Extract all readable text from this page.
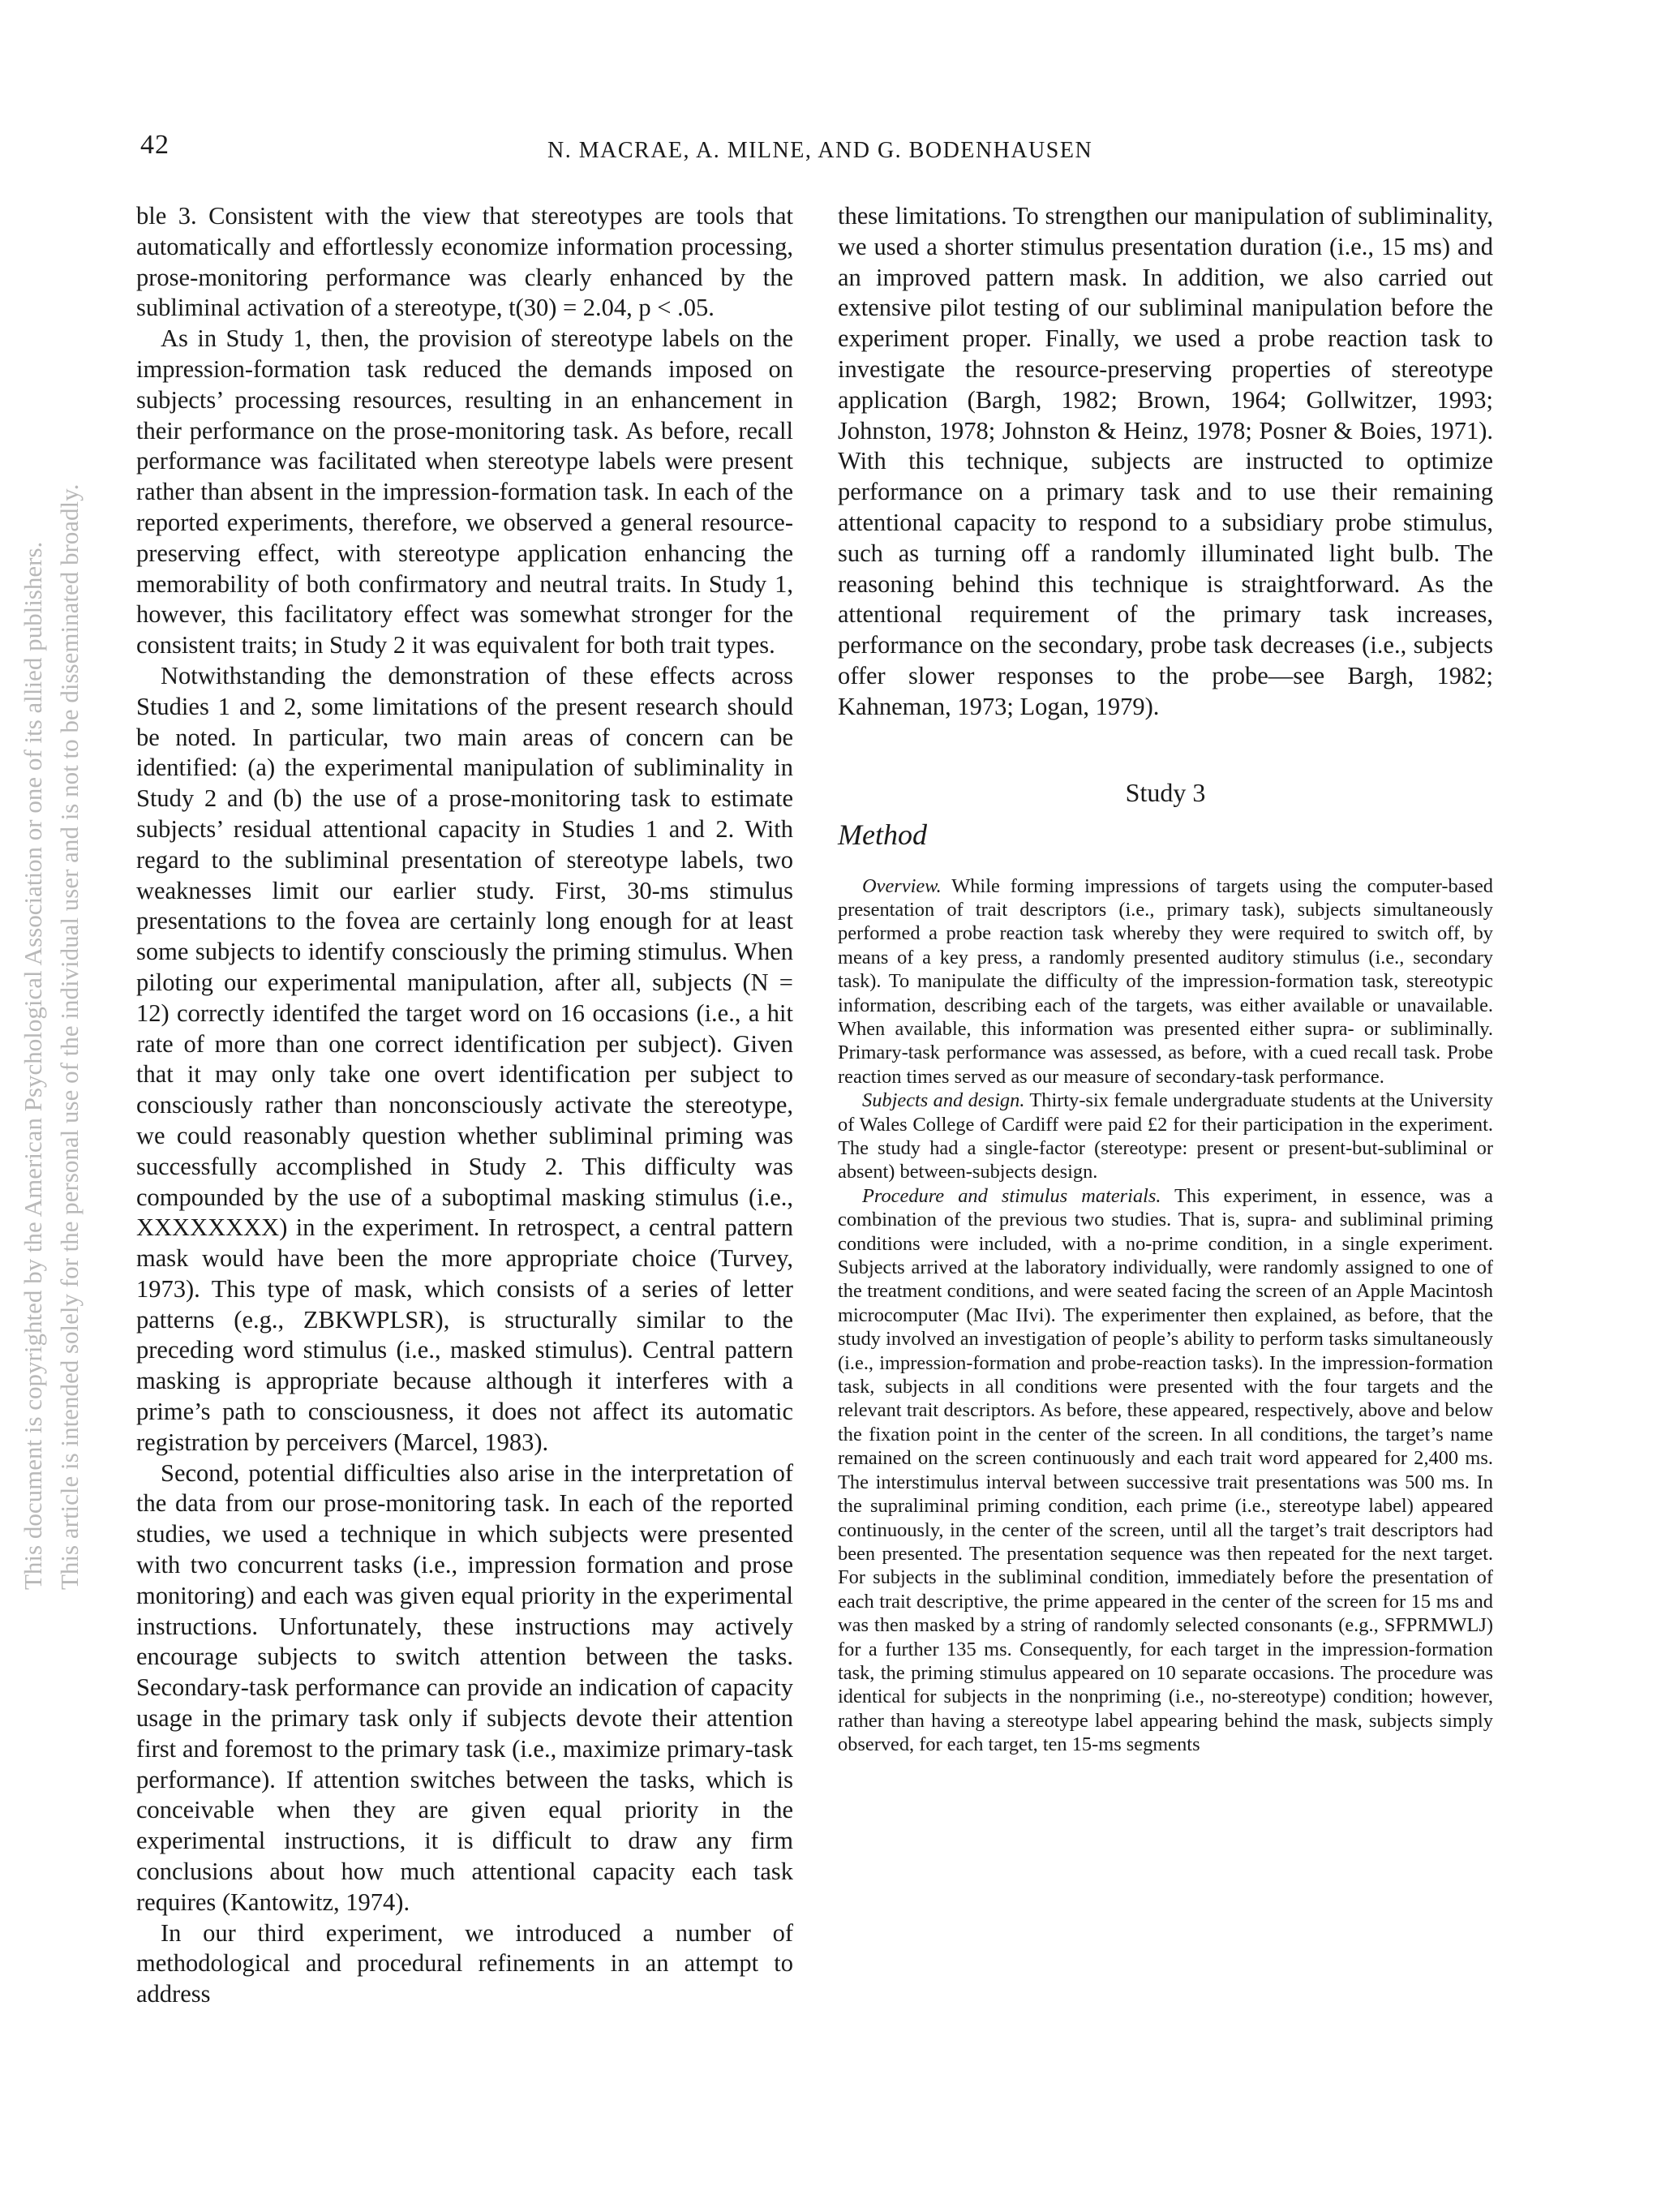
42	N. MACRAE, A. MILNE, AND G. BODENHAUSEN
This document is copyrighted by the American Psychological Association or one of its allied publishers. This article is intended solely for the personal use of the individual user and is not to be disseminated broadly.

ble 3. Consistent with the view that stereotypes are tools that automatically and effortlessly economize information processing, prose-monitoring performance was clearly enhanced by the subliminal activation of a stereotype, t(30) = 2.04, p < .05.

As in Study 1, then, the provision of stereotype labels on the impression-formation task reduced the demands imposed on subjects’ processing resources, resulting in an enhancement in their performance on the prose-monitoring task. As before, recall performance was facilitated when stereotype labels were present rather than absent in the impression-formation task. In each of the reported experiments, therefore, we observed a general resource-preserving effect, with stereotype application enhancing the memorability of both confirmatory and neutral traits. In Study 1, however, this facilitatory effect was somewhat stronger for the consistent traits; in Study 2 it was equivalent for both trait types.

Notwithstanding the demonstration of these effects across Studies 1 and 2, some limitations of the present research should be noted. In particular, two main areas of concern can be identified: (a) the experimental manipulation of subliminality in Study 2 and (b) the use of a prose-monitoring task to estimate subjects’ residual attentional capacity in Studies 1 and 2. With regard to the subliminal presentation of stereotype labels, two weaknesses limit our earlier study. First, 30-ms stimulus presentations to the fovea are certainly long enough for at least some subjects to identify consciously the priming stimulus. When piloting our experimental manipulation, after all, subjects (N = 12) correctly identifed the target word on 16 occasions (i.e., a hit rate of more than one correct identification per subject). Given that it may only take one overt identification per subject to consciously rather than nonconsciously activate the stereotype, we could reasonably question whether subliminal priming was successfully accomplished in Study 2. This difficulty was compounded by the use of a suboptimal masking stimulus (i.e., XXXXXXXX) in the experiment. In retrospect, a central pattern mask would have been the more appropriate choice (Turvey, 1973). This type of mask, which consists of a series of letter patterns (e.g., ZBKWPLSR), is structurally similar to the preceding word stimulus (i.e., masked stimulus). Central pattern masking is appropriate because although it interferes with a prime’s path to consciousness, it does not affect its automatic registration by perceivers (Marcel, 1983).

Second, potential difficulties also arise in the interpretation of the data from our prose-monitoring task. In each of the reported studies, we used a technique in which subjects were presented with two concurrent tasks (i.e., impression formation and prose monitoring) and each was given equal priority in the experimental instructions. Unfortunately, these instructions may actively encourage subjects to switch attention between the tasks. Secondary-task performance can provide an indication of capacity usage in the primary task only if subjects devote their attention first and foremost to the primary task (i.e., maximize primary-task performance). If attention switches between the tasks, which is conceivable when they are given equal priority in the experimental instructions, it is difficult to draw any firm conclusions about how much attentional capacity each task requires (Kantowitz, 1974).

In our third experiment, we introduced a number of methodological and procedural refinements in an attempt to address

these limitations. To strengthen our manipulation of subliminality, we used a shorter stimulus presentation duration (i.e., 15 ms) and an improved pattern mask. In addition, we also carried out extensive pilot testing of our subliminal manipulation before the experiment proper. Finally, we used a probe reaction task to investigate the resource-preserving properties of stereotype application (Bargh, 1982; Brown, 1964; Gollwitzer, 1993; Johnston, 1978; Johnston & Heinz, 1978; Posner & Boies, 1971). With this technique, subjects are instructed to optimize performance on a primary task and to use their remaining attentional capacity to respond to a subsidiary probe stimulus, such as turning off a randomly illuminated light bulb. The reasoning behind this technique is straightforward. As the attentional requirement of the primary task increases, performance on the secondary, probe task decreases (i.e., subjects offer slower responses to the probe—see Bargh, 1982; Kahneman, 1973; Logan, 1979).

Study 3
Method

Overview. While forming impressions of targets using the computer-based presentation of trait descriptors (i.e., primary task), subjects simultaneously performed a probe reaction task whereby they were required to switch off, by means of a key press, a randomly presented auditory stimulus (i.e., secondary task). To manipulate the difficulty of the impression-formation task, stereotypic information, describing each of the targets, was either available or unavailable. When available, this information was presented either supra- or subliminally. Primary-task performance was assessed, as before, with a cued recall task. Probe reaction times served as our measure of secondary-task performance.

Subjects and design. Thirty-six female undergraduate students at the University of Wales College of Cardiff were paid £2 for their participation in the experiment. The study had a single-factor (stereotype: present or present-but-subliminal or absent) between-subjects design.

Procedure and stimulus materials. This experiment, in essence, was a combination of the previous two studies. That is, supra- and subliminal priming conditions were included, with a no-prime condition, in a single experiment. Subjects arrived at the laboratory individually, were randomly assigned to one of the treatment conditions, and were seated facing the screen of an Apple Macintosh microcomputer (Mac IIvi). The experimenter then explained, as before, that the study involved an investigation of people’s ability to perform tasks simultaneously (i.e., impression-formation and probe-reaction tasks). In the impression-formation task, subjects in all conditions were presented with the four targets and the relevant trait descriptors. As before, these appeared, respectively, above and below the fixation point in the center of the screen. In all conditions, the target’s name remained on the screen continuously and each trait word appeared for 2,400 ms. The interstimulus interval between successive trait presentations was 500 ms. In the supraliminal priming condition, each prime (i.e., stereotype label) appeared continuously, in the center of the screen, until all the target’s trait descriptors had been presented. The presentation sequence was then repeated for the next target. For subjects in the subliminal condition, immediately before the presentation of each trait descriptive, the prime appeared in the center of the screen for 15 ms and was then masked by a string of randomly selected consonants (e.g., SFPRMWLJ) for a further 135 ms. Consequently, for each target in the impression-formation task, the priming stimulus appeared on 10 separate occasions. The procedure was identical for subjects in the nonpriming (i.e., no-stereotype) condition; however, rather than having a stereotype label appearing behind the mask, subjects simply observed, for each target, ten 15-ms segments
